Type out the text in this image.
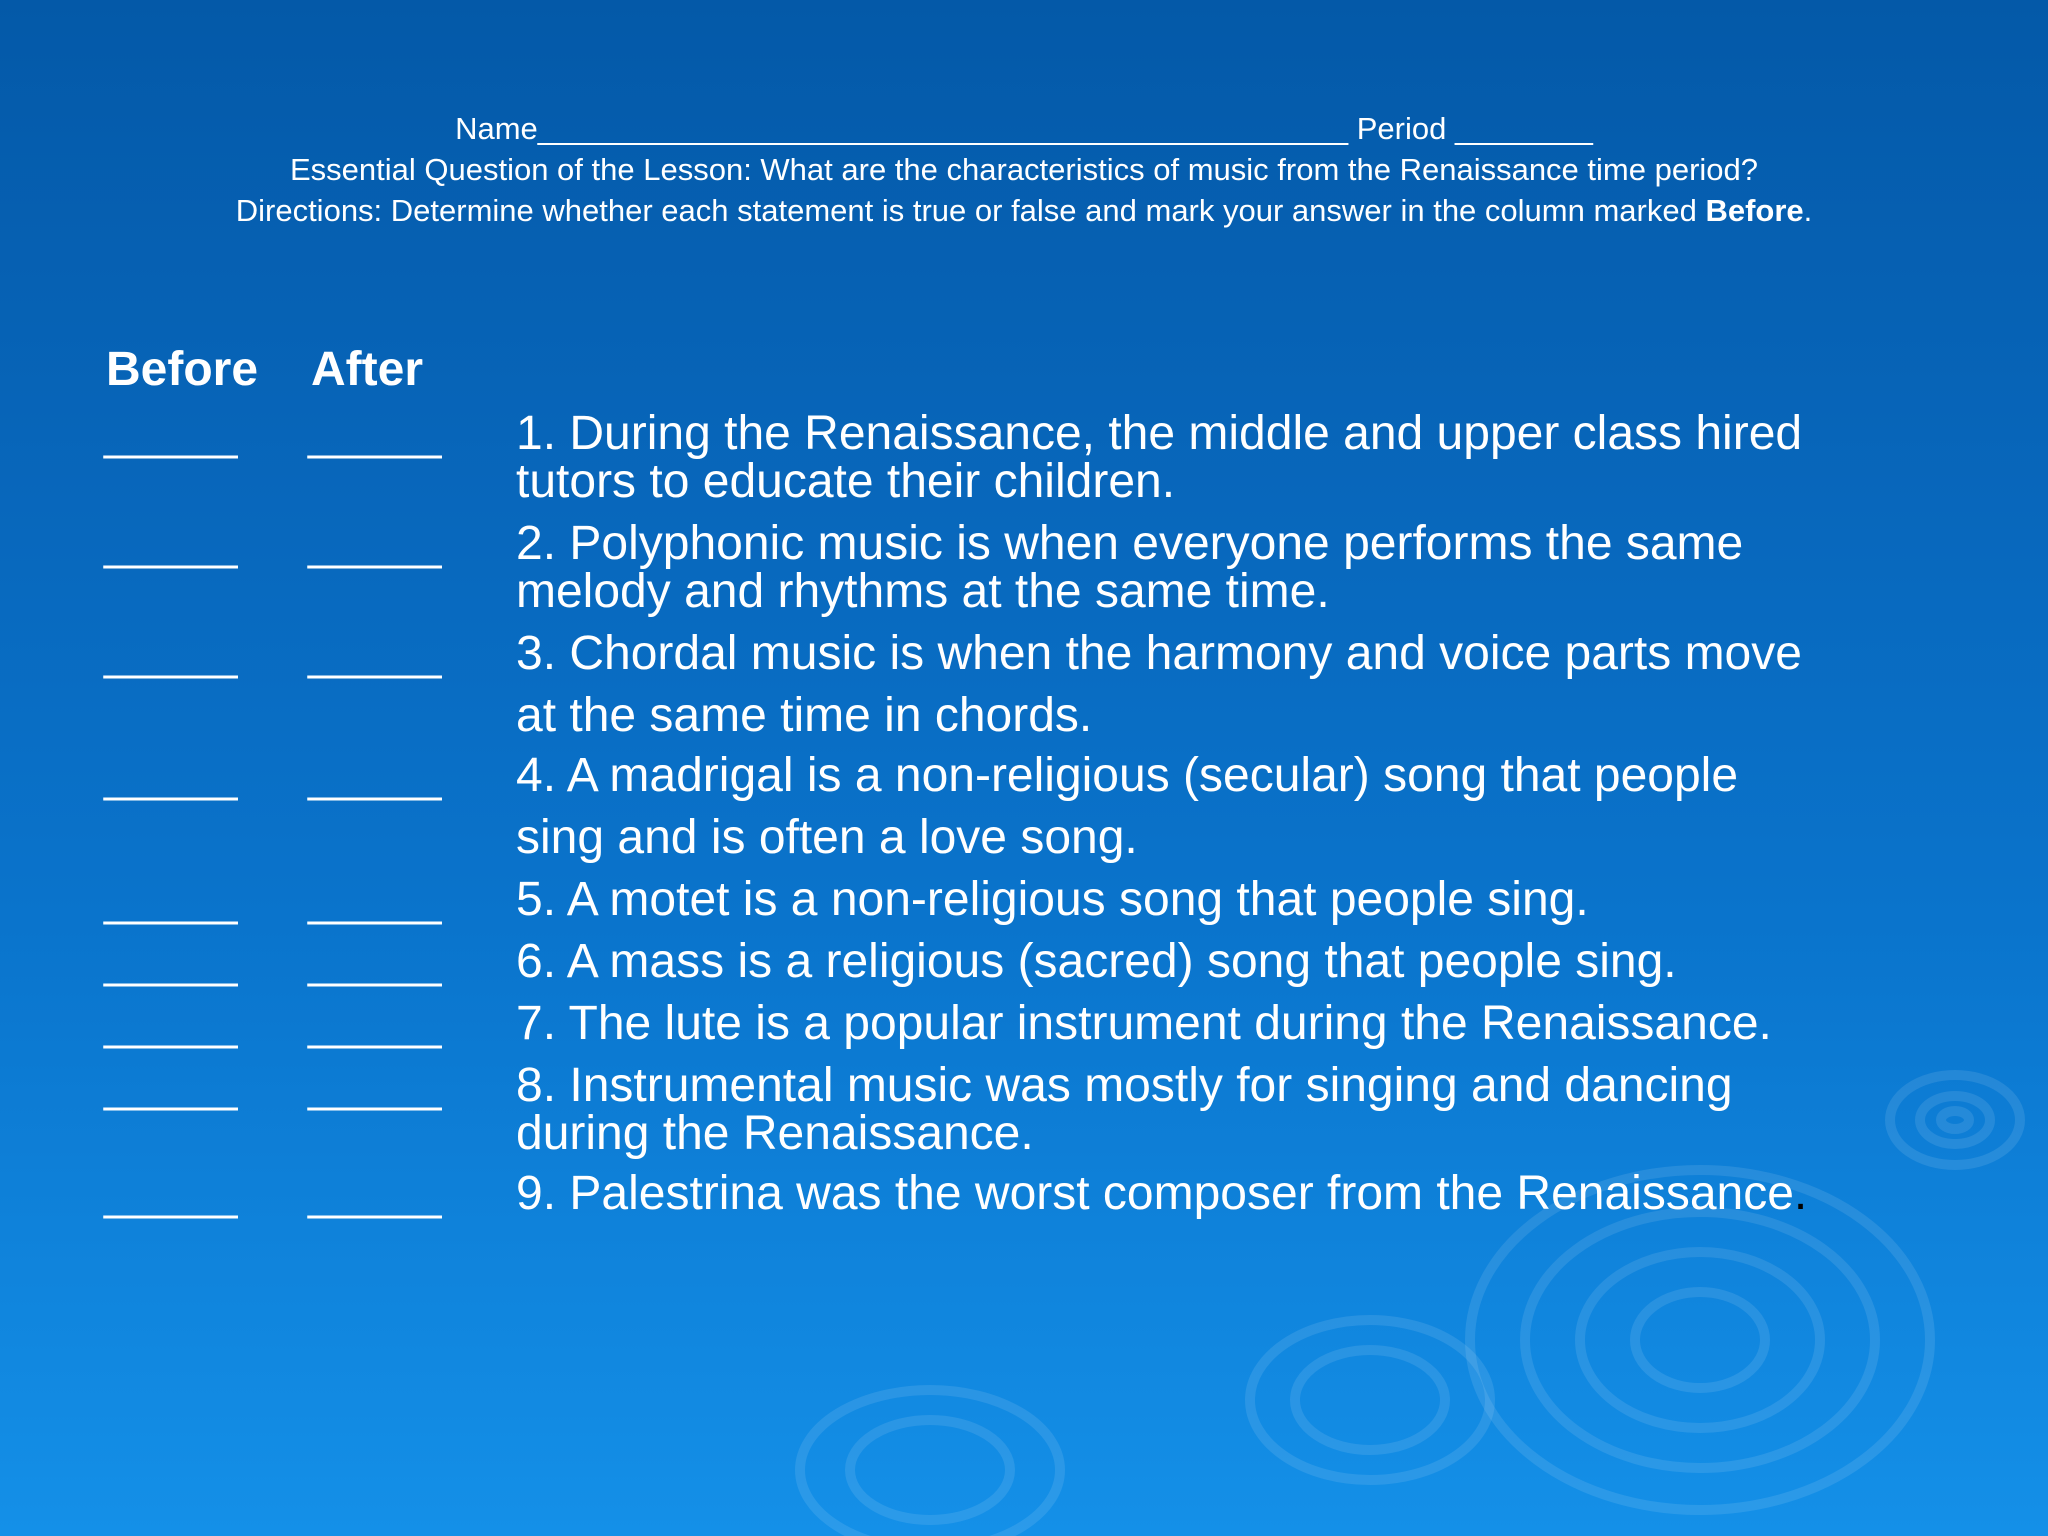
Name_______________________________________________ Period ________
Essential Question of the Lesson: What are the characteristics of music from the Renaissance time period?
Directions: Determine whether each statement is true or false and mark your answer in the column marked Before.
Before After
_____ _____ 1. During the Renaissance, the middle and upper class hired
tutors to educate their children.
_____ _____ 2. Polyphonic music is when everyone performs the same
melody and rhythms at the same time.
_____ _____ 3. Chordal music is when the harmony and voice parts move
at the same time in chords.
_____ _____ 4. A madrigal is a non-religious (secular) song that people
sing and is often a love song.
_____ _____ 5. A motet is a non-religious song that people sing.
_____ _____ 6. A mass is a religious (sacred) song that people sing.
_____ _____ 7. The lute is a popular instrument during the Renaissance.
_____ _____ 8. Instrumental music was mostly for singing and dancing
during the Renaissance.
_____ _____ 9. Palestrina was the worst composer from the Renaissance.
